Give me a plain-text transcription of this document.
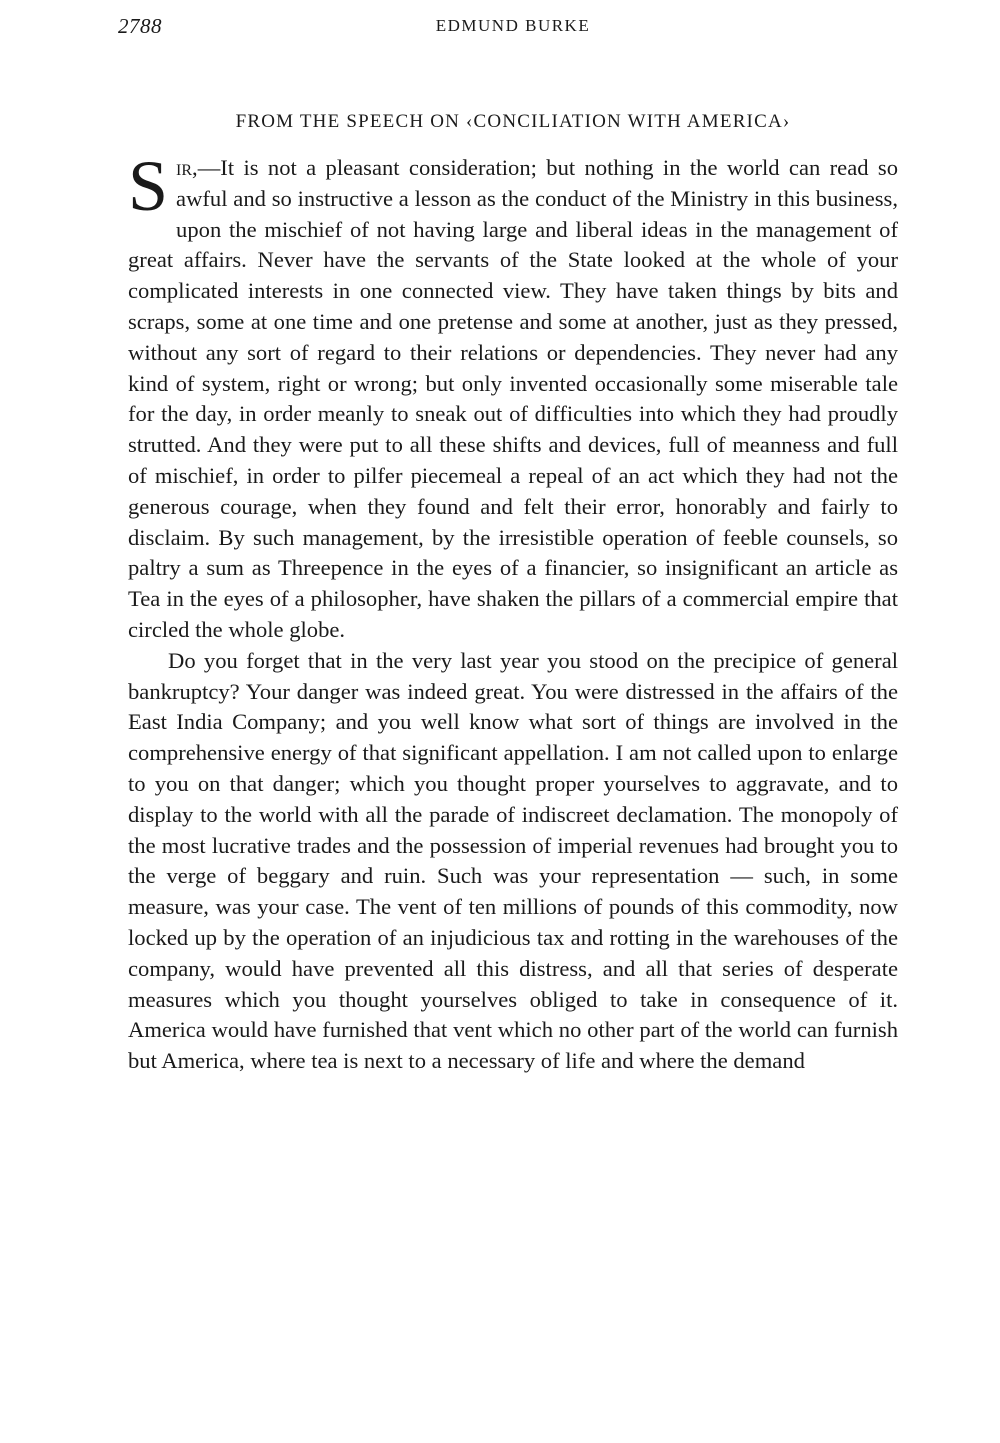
2788	EDMUND BURKE
FROM THE SPEECH ON ‹CONCILIATION WITH AMERICA›

Sir,—It is not a pleasant consideration; but nothing in the world can read so awful and so instructive a lesson as the conduct of the Ministry in this business, upon the mischief of not having large and liberal ideas in the management of great affairs. Never have the servants of the State looked at the whole of your complicated interests in one connected view. They have taken things by bits and scraps, some at one time and one pretense and some at another, just as they pressed, without any sort of regard to their relations or dependencies. They never had any kind of system, right or wrong; but only invented occasionally some miserable tale for the day, in order meanly to sneak out of difficulties into which they had proudly strutted. And they were put to all these shifts and devices, full of meanness and full of mischief, in order to pilfer piecemeal a repeal of an act which they had not the generous courage, when they found and felt their error, honorably and fairly to disclaim. By such management, by the irresistible operation of feeble counsels, so paltry a sum as Threepence in the eyes of a financier, so insignificant an article as Tea in the eyes of a philosopher, have shaken the pillars of a commercial empire that circled the whole globe.

Do you forget that in the very last year you stood on the precipice of general bankruptcy? Your danger was indeed great. You were distressed in the affairs of the East India Company; and you well know what sort of things are involved in the comprehensive energy of that significant appellation. I am not called upon to enlarge to you on that danger; which you thought proper yourselves to aggravate, and to display to the world with all the parade of indiscreet declamation. The monopoly of the most lucrative trades and the possession of imperial revenues had brought you to the verge of beggary and ruin. Such was your representation — such, in some measure, was your case. The vent of ten millions of pounds of this commodity, now locked up by the operation of an injudicious tax and rotting in the warehouses of the company, would have prevented all this distress, and all that series of desperate measures which you thought yourselves obliged to take in consequence of it. America would have furnished that vent which no other part of the world can furnish but America, where tea is next to a necessary of life and where the demand
